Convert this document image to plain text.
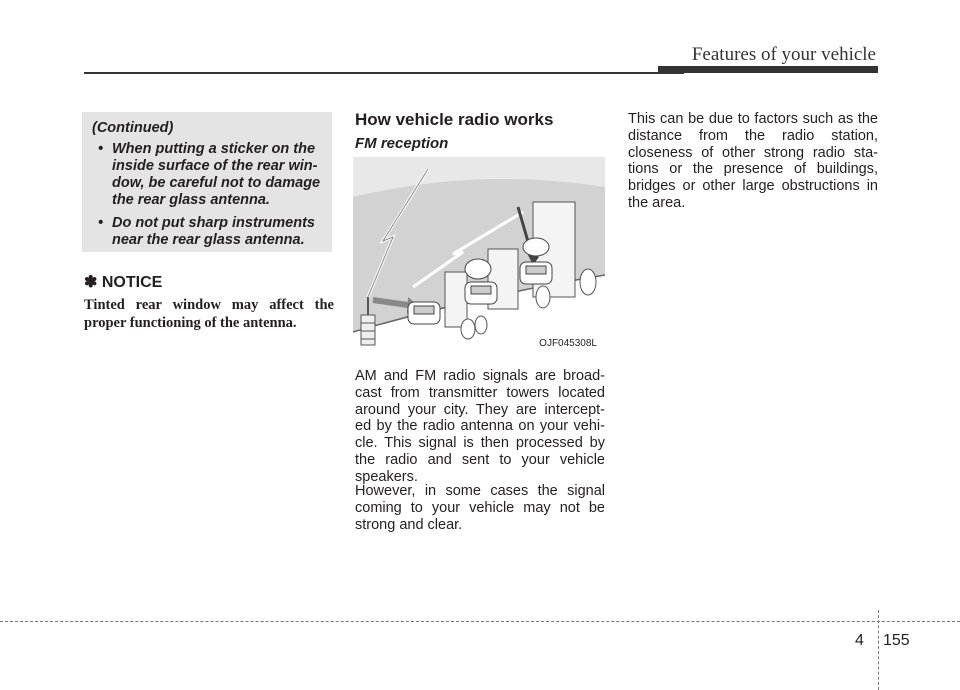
Features of your vehicle

(Continued)

• When putting a sticker on the inside surface of the rear win- dow, be careful not to damage the rear glass antenna.
• Do not put sharp instruments near the rear glass antenna.
✽ NOTICE
Tinted rear window may affect the proper functioning of the antenna.
How vehicle radio works
FM reception
OJF045308L

AM and FM radio signals are broad- cast from transmitter towers located around your city. They are intercept- ed by the radio antenna on your vehi- cle. This signal is then processed by the radio and sent to your vehicle speakers.

However, in some cases the signal coming to your vehicle may not be strong and clear.

This can be due to factors such as the distance from the radio station, closeness of other strong radio sta- tions or the presence of buildings, bridges or other large obstructions in the area.

4 155
